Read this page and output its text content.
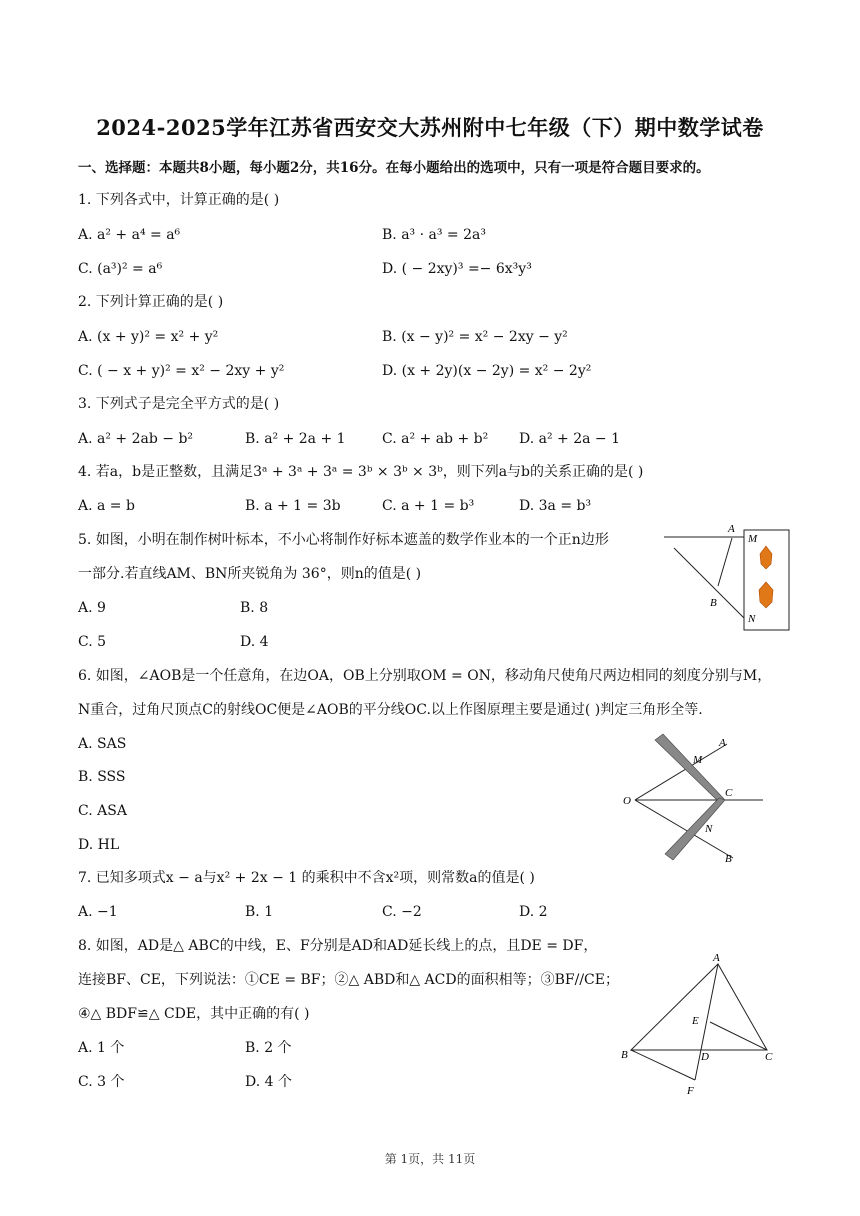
2024-2025学年江苏省西安交大苏州附中七年级（下）期中数学试卷
一、选择题：本题共8小题，每小题2分，共16分。在每小题给出的选项中，只有一项是符合题目要求的。
1. 下列各式中，计算正确的是( )
A. a² + a⁴ = a⁶	B. a³ · a³ = 2a³
C. (a³)² = a⁶	D. ( − 2xy)³ =− 6x³y³
2. 下列计算正确的是( )
A. (x + y)² = x² + y²	B. (x − y)² = x² − 2xy − y²
C. ( − x + y)² = x² − 2xy + y²	D. (x + 2y)(x − 2y) = x² − 2y²
3. 下列式子是完全平方式的是( )
A. a² + 2ab − b²	B. a² + 2a + 1	C. a² + ab + b² D. a² + 2a − 1
4. 若a，b是正整数，且满足3ᵃ + 3ᵃ + 3ᵃ = 3ᵇ × 3ᵇ × 3ᵇ，则下列a与b的关系正确的是( )
A. a = b	B. a + 1 = 3b	C. a + 1 = b³	D. 3a = b³
5. 如图，小明在制作树叶标本，不小心将制作好标本遮盖的数学作业本的一个正n边形
一部分.若直线AM、BN所夹锐角为 36°，则n的值是( )
A. 9	B. 8
C. 5	D. 4
A
M
B
N
6. 如图，∠AOB是一个任意角，在边OA，OB上分别取OM = ON，移动角尺使角尺两边相同的刻度分别与M，
N重合，过角尺顶点C的射线OC便是∠AOB的平分线OC.以上作图原理主要是通过( )判定三角形全等.
A. SAS
B. SSS
C. ASA
D. HL
A
M
O
C
N
B
7. 已知多项式x − a与x² + 2x − 1 的乘积中不含x²项，则常数a的值是( )
A. −1	B. 1	C. −2	D. 2
8. 如图，AD是△ ABC的中线，E、F分别是AD和AD延长线上的点，且DE = DF，
连接BF、CE，下列说法：①CE = BF；②△ ABD和△ ACD的面积相等；③BF//CE；
④△ BDF≌△ CDE，其中正确的有( )
A. 1 个	B. 2 个
C. 3 个	D. 4 个
A
E
B	D	C
F
第 1页，共 11页
